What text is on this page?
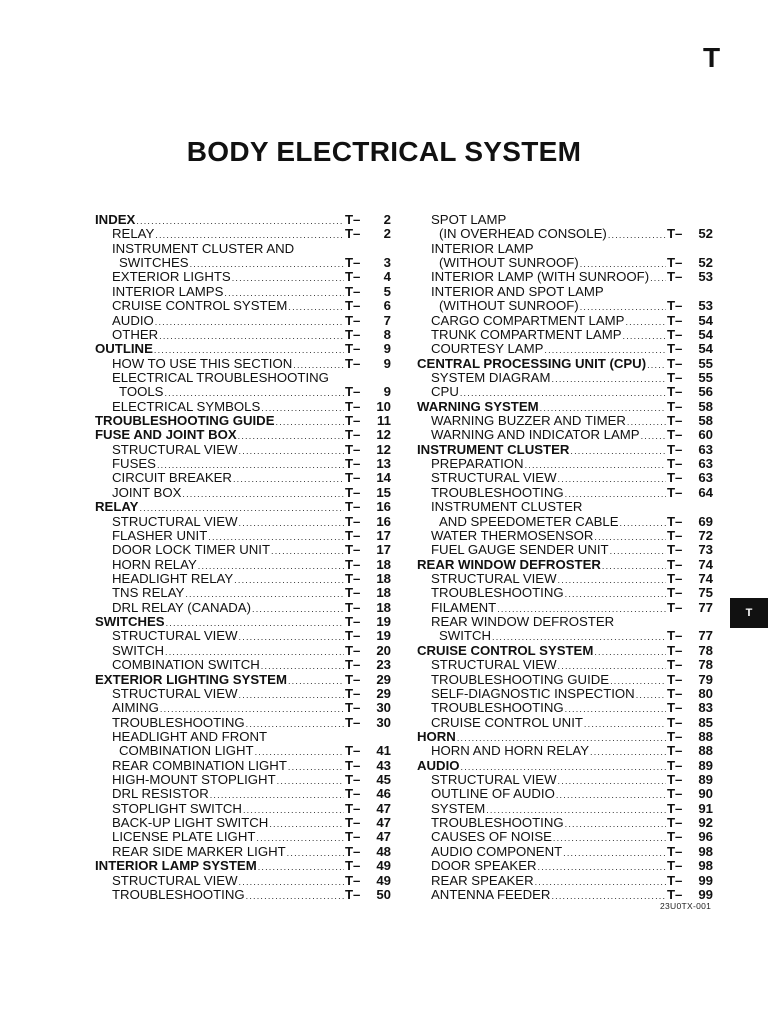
T
BODY ELECTRICAL SYSTEM
INDEX .....	T–	2
RELAY .....	T–	2
INSTRUMENT CLUSTER AND
SWITCHES .....	T–	3
EXTERIOR LIGHTS .....	T–	4
INTERIOR LAMPS .....	T–	5
CRUISE CONTROL SYSTEM .....	T–	6
AUDIO .....	T–	7
OTHER .....	T–	8
OUTLINE .....	T–	9
HOW TO USE THIS SECTION .....	T–	9
ELECTRICAL TROUBLESHOOTING
TOOLS .....	T–	9
ELECTRICAL SYMBOLS .....	T–	10
TROUBLESHOOTING GUIDE .....	T–	11
FUSE AND JOINT BOX .....	T–	12
STRUCTURAL VIEW .....	T–	12
FUSES .....	T–	13
CIRCUIT BREAKER .....	T–	14
JOINT BOX .....	T–	15
RELAY .....	T–	16
STRUCTURAL VIEW .....	T–	16
FLASHER UNIT .....	T–	17
DOOR LOCK TIMER UNIT .....	T–	17
HORN RELAY .....	T–	18
HEADLIGHT RELAY .....	T–	18
TNS RELAY .....	T–	18
DRL RELAY (CANADA) .....	T–	18
SWITCHES .....	T–	19
STRUCTURAL VIEW .....	T–	19
SWITCH .....	T–	20
COMBINATION SWITCH .....	T–	23
EXTERIOR LIGHTING SYSTEM .....	T–	29
STRUCTURAL VIEW .....	T–	29
AIMING .....	T–	30
TROUBLESHOOTING .....	T–	30
HEADLIGHT AND FRONT
COMBINATION LIGHT .....	T–	41
REAR COMBINATION LIGHT .....	T–	43
HIGH-MOUNT STOPLIGHT .....	T–	45
DRL RESISTOR .....	T–	46
STOPLIGHT SWITCH .....	T–	47
BACK-UP LIGHT SWITCH .....	T–	47
LICENSE PLATE LIGHT .....	T–	47
REAR SIDE MARKER LIGHT .....	T–	48
INTERIOR LAMP SYSTEM .....	T–	49
STRUCTURAL VIEW .....	T–	49
TROUBLESHOOTING .....	T–	50
SPOT LAMP
(IN OVERHEAD CONSOLE) .....	T–	52
INTERIOR LAMP
(WITHOUT SUNROOF) .....	T–	52
INTERIOR LAMP (WITH SUNROOF) ..... T–	53
INTERIOR AND SPOT LAMP
(WITHOUT SUNROOF) .....	T–	53
CARGO COMPARTMENT LAMP .....	T–	54
TRUNK COMPARTMENT LAMP .....	T–	54
COURTESY LAMP .....	T–	54
CENTRAL PROCESSING UNIT (CPU) ..... T–	55
SYSTEM DIAGRAM .....	T–	55
CPU .....	T–	56
WARNING SYSTEM .....	T–	58
WARNING BUZZER AND TIMER .....	T–	58
WARNING AND INDICATOR LAMP ..... T–	60
INSTRUMENT CLUSTER .....	T–	63
PREPARATION .....	T–	63
STRUCTURAL VIEW .....	T–	63
TROUBLESHOOTING .....	T–	64
INSTRUMENT CLUSTER
AND SPEEDOMETER CABLE .....	T–	69
WATER THERMOSENSOR .....	T–	72
FUEL GAUGE SENDER UNIT .....	T–	73
REAR WINDOW DEFROSTER .....	T–	74
STRUCTURAL VIEW .....	T–	74
TROUBLESHOOTING .....	T–	75
FILAMENT .....	T–	77
REAR WINDOW DEFROSTER
SWITCH .....	T–	77
CRUISE CONTROL SYSTEM .....	T–	78
STRUCTURAL VIEW .....	T–	78
TROUBLESHOOTING GUIDE .....	T–	79
SELF-DIAGNOSTIC INSPECTION ..... T–	80
TROUBLESHOOTING .....	T–	83
CRUISE CONTROL UNIT .....	T–	85
HORN .....	T–	88
HORN AND HORN RELAY .....	T–	88
AUDIO .....	T–	89
STRUCTURAL VIEW .....	T–	89
OUTLINE OF AUDIO .....	T–	90
SYSTEM .....	T–	91
TROUBLESHOOTING .....	T–	92
CAUSES OF NOISE .....	T–	96
AUDIO COMPONENT .....	T–	98
DOOR SPEAKER .....	T–	98
REAR SPEAKER .....	T–	99
ANTENNA FEEDER .....	T–	99
T
23U0TX-001
